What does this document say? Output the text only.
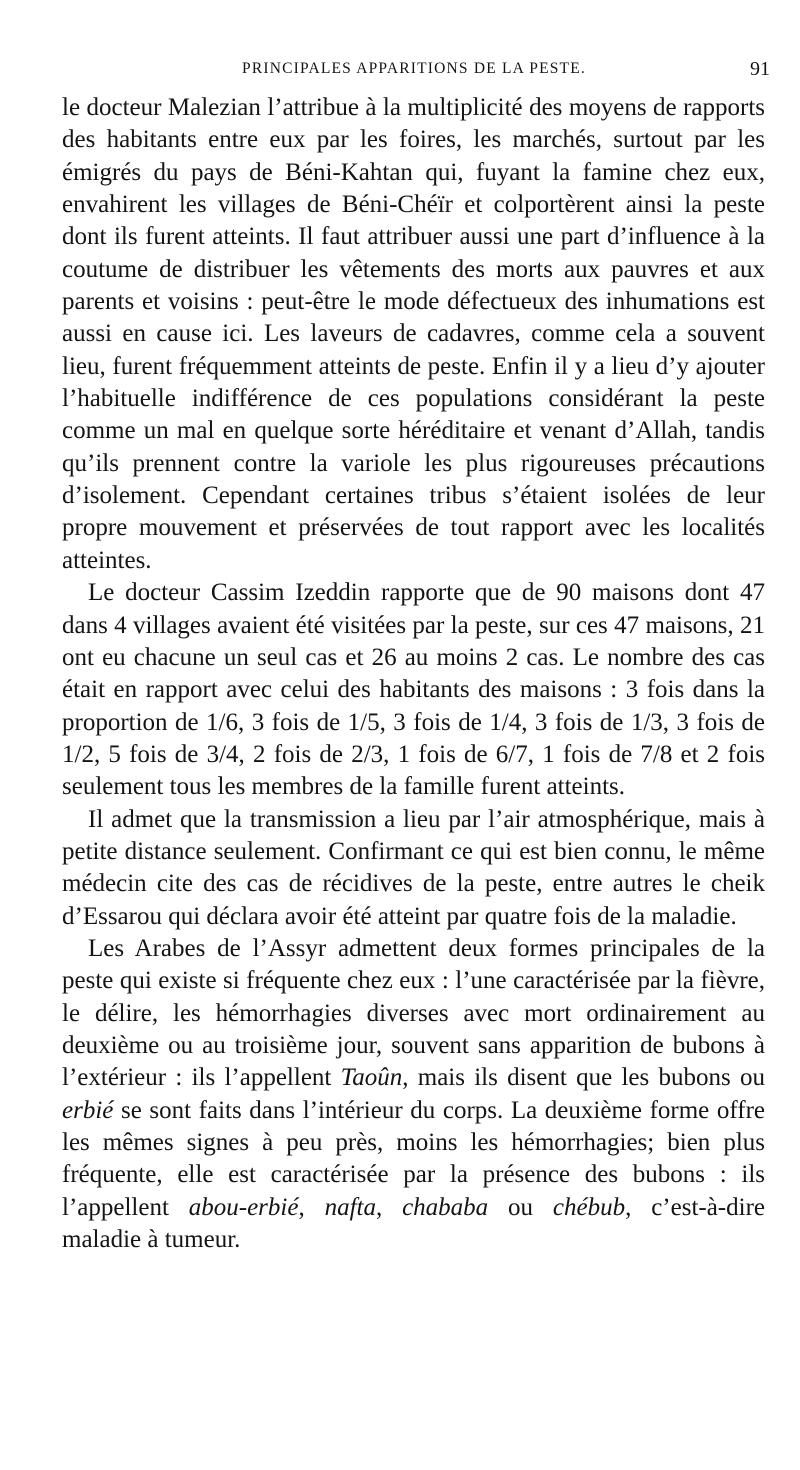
PRINCIPALES APPARITIONS DE LA PESTE.	91

le docteur Malezian l’attribue à la multiplicité des moyens de rapports des habitants entre eux par les foires, les marchés, surtout par les émigrés du pays de Béni-Kahtan qui, fuyant la famine chez eux, envahirent les villages de Béni-Chéïr et colportèrent ainsi la peste dont ils furent atteints. Il faut attribuer aussi une part d’influence à la coutume de distribuer les vêtements des morts aux pauvres et aux parents et voisins : peut-être le mode défectueux des inhumations est aussi en cause ici. Les laveurs de cadavres, comme cela a souvent lieu, furent fréquemment atteints de peste. Enfin il y a lieu d’y ajouter l’habituelle indifférence de ces populations considérant la peste comme un mal en quelque sorte héréditaire et venant d’Allah, tandis qu’ils prennent contre la variole les plus rigoureuses précautions d’isolement. Cependant certaines tribus s’étaient isolées de leur propre mouvement et préservées de tout rapport avec les localités atteintes.

Le docteur Cassim Izeddin rapporte que de 90 maisons dont 47 dans 4 villages avaient été visitées par la peste, sur ces 47 maisons, 21 ont eu chacune un seul cas et 26 au moins 2 cas. Le nombre des cas était en rapport avec celui des habitants des maisons : 3 fois dans la proportion de 1/6, 3 fois de 1/5, 3 fois de 1/4, 3 fois de 1/3, 3 fois de 1/2, 5 fois de 3/4, 2 fois de 2/3, 1 fois de 6/7, 1 fois de 7/8 et 2 fois seulement tous les membres de la famille furent atteints.

Il admet que la transmission a lieu par l’air atmosphérique, mais à petite distance seulement. Confirmant ce qui est bien connu, le même médecin cite des cas de récidives de la peste, entre autres le cheik d’Essarou qui déclara avoir été atteint par quatre fois de la maladie.

Les Arabes de l’Assyr admettent deux formes principales de la peste qui existe si fréquente chez eux : l’une caractérisée par la fièvre, le délire, les hémorrhagies diverses avec mort ordinairement au deuxième ou au troisième jour, souvent sans apparition de bubons à l’extérieur : ils l’appellent Taoûn, mais ils disent que les bubons ou erbié se sont faits dans l’intérieur du corps. La deuxième forme offre les mêmes signes à peu près, moins les hémorrhagies; bien plus fréquente, elle est caractérisée par la présence des bubons : ils l’appellent abou-erbié, nafta, chababa ou chébub, c’est-à-dire maladie à tumeur.
